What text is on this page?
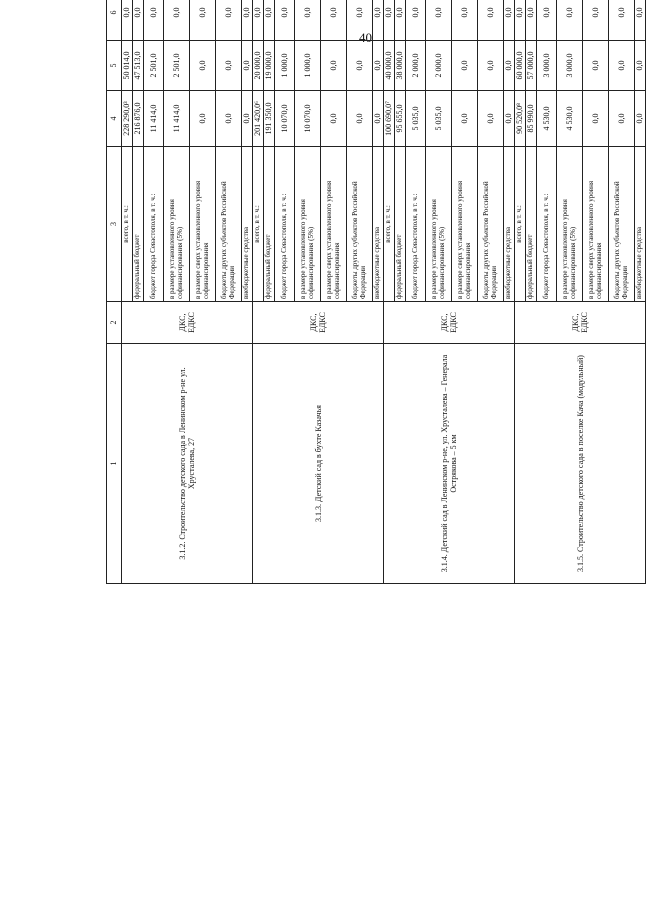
40
1	2	3	4	5	6			
3.1.2. Строительство детского сада в Ленинском р-не ул. Хрусталева, 27	ДКС, ЕДКС	всего, в т. ч.:	228 290,0³	50 014,0	0,0			
		федеральный бюджет	216 876,0	47 513,0	0,0			
		бюджет города Севастополя, в т. ч.:	11 414,0	2 501,0	0,0			
		в размере установленного уровня софинансирования (5%)	11 414,0	2 501,0	0,0			
		в размере сверх установленного уровня софинансирования	0,0	0,0	0,0			
		бюджеты других субъектов Российской Федерации	0,0	0,0	0,0			
		внебюджетные средства	0,0	0,0	0,0			
3.1.3. Детский сад в бухте Казачья	ДКС, ЕДКС	всего, в т. ч.:	201 420,0⁶	20 000,0	0,0			
		федеральный бюджет	191 350,0	19 000,0	0,0			
		бюджет города Севастополя, в т. ч.:	10 070,0	1 000,0	0,0			
		в размере установленного уровня софинансирования (5%)	10 070,0	1 000,0	0,0			
		в размере сверх установленного уровня софинансирования	0,0	0,0	0,0			
		бюджеты других субъектов Российской Федерации	0,0	0,0	0,0			
		внебюджетные средства	0,0	0,0	0,0			
3.1.4. Детский сад в Ленинском р-не, ул. Хрусталева – Генерала Острякова – 5 км	ДКС, ЕДКС	всего, в т. ч.:	100 690,0⁷	40 000,0	0,0			
		федеральный бюджет	95 655,0	38 000,0	0,0			
		бюджет города Севастополя, в т. ч.:	5 035,0	2 000,0	0,0			
		в размере установленного уровня софинансирования (5%)	5 035,0	2 000,0	0,0			
		в размере сверх установленного уровня софинансирования	0,0	0,0	0,0			
		бюджеты других субъектов Российской Федерации	0,0	0,0	0,0			
		внебюджетные средства	0,0	0,0	0,0			
3.1.5. Строительство детского сада в поселке Кача (модульный)	ДКС, ЕДКС	всего, в т. ч.:	90 520,0⁸	60 000,0	0,0			
		федеральный бюджет	85 990,0	57 000,0	0,0			
		бюджет города Севастополя, в т. ч.:	4 530,0	3 000,0	0,0			
		в размере установленного уровня софинансирования (5%)	4 530,0	3 000,0	0,0			
		в размере сверх установленного уровня софинансирования	0,0	0,0	0,0			
		бюджеты других субъектов Российской Федерации	0,0	0,0	0,0			
		внебюджетные средства	0,0	0,0	0,0			
